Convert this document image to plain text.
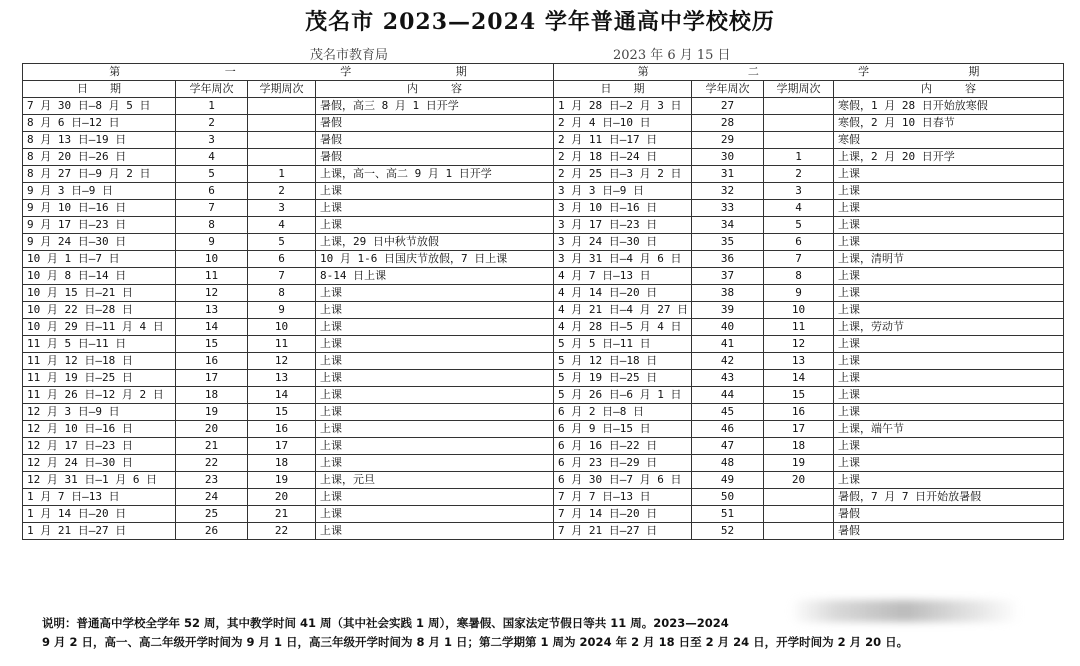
茂名市 2023—2024 学年普通高中学校校历
茂名市教育局	2023 年 6 月 15 日
第 一 学 期				第 二 学 期			

日　　期	学年周次	学期周次	内　　　容	日　　期	学年周次	学期周次	内　　　容
7 月 30 日—8 月 5 日	1		暑假，高三 8 月 1 日开学	1 月 28 日—2 月 3 日	27		寒假，1 月 28 日开始放寒假
8 月 6 日—12 日	2		暑假	2 月 4 日—10 日	28		寒假，2 月 10 日春节
8 月 13 日—19 日	3		暑假	2 月 11 日—17 日	29		寒假
8 月 20 日—26 日	4		暑假	2 月 18 日—24 日	30	1	上课，2 月 20 日开学
8 月 27 日—9 月 2 日	5	1	上课，高一、高二 9 月 1 日开学	2 月 25 日—3 月 2 日	31	2	上课
9 月 3 日—9 日	6	2	上课	3 月 3 日—9 日	32	3	上课
9 月 10 日—16 日	7	3	上课	3 月 10 日—16 日	33	4	上课
9 月 17 日—23 日	8	4	上课	3 月 17 日—23 日	34	5	上课
9 月 24 日—30 日	9	5	上课，29 日中秋节放假	3 月 24 日—30 日	35	6	上课
10 月 1 日—7 日	10	6	10 月 1-6 日国庆节放假，7 日上课	3 月 31 日—4 月 6 日	36	7	上课，清明节
10 月 8 日—14 日	11	7	8-14 日上课	4 月 7 日—13 日	37	8	上课
10 月 15 日—21 日	12	8	上课	4 月 14 日—20 日	38	9	上课
10 月 22 日—28 日	13	9	上课	4 月 21 日—4 月 27 日	39	10	上课
10 月 29 日—11 月 4 日	14	10	上课	4 月 28 日—5 月 4 日	40	11	上课，劳动节
11 月 5 日—11 日	15	11	上课	5 月 5 日—11 日	41	12	上课
11 月 12 日—18 日	16	12	上课	5 月 12 日—18 日	42	13	上课
11 月 19 日—25 日	17	13	上课	5 月 19 日—25 日	43	14	上课
11 月 26 日—12 月 2 日	18	14	上课	5 月 26 日—6 月 1 日	44	15	上课
12 月 3 日—9 日	19	15	上课	6 月 2 日—8 日	45	16	上课
12 月 10 日—16 日	20	16	上课	6 月 9 日—15 日	46	17	上课，端午节
12 月 17 日—23 日	21	17	上课	6 月 16 日—22 日	47	18	上课
12 月 24 日—30 日	22	18	上课	6 月 23 日—29 日	48	19	上课
12 月 31 日—1 月 6 日	23	19	上课，元旦	6 月 30 日—7 月 6 日	49	20	上课
1 月 7 日—13 日	24	20	上课	7 月 7 日—13 日	50		暑假，7 月 7 日开始放暑假
1 月 14 日—20 日	25	21	上课	7 月 14 日—20 日	51		暑假
1 月 21 日—27 日	26	22	上课	7 月 21 日—27 日	52		暑假
说明：普通高中学校全学年 52 周，其中教学时间 41 周（其中社会实践 1 周），寒暑假、国家法定节假日等共 11 周。2023—2024
9 月 2 日，高一、高二年级开学时间为 9 月 1 日，高三年级开学时间为 8 月 1 日；第二学期第 1 周为 2024 年 2 月 18 日至 2 月 24 日，开学时间为 2 月 20 日。
